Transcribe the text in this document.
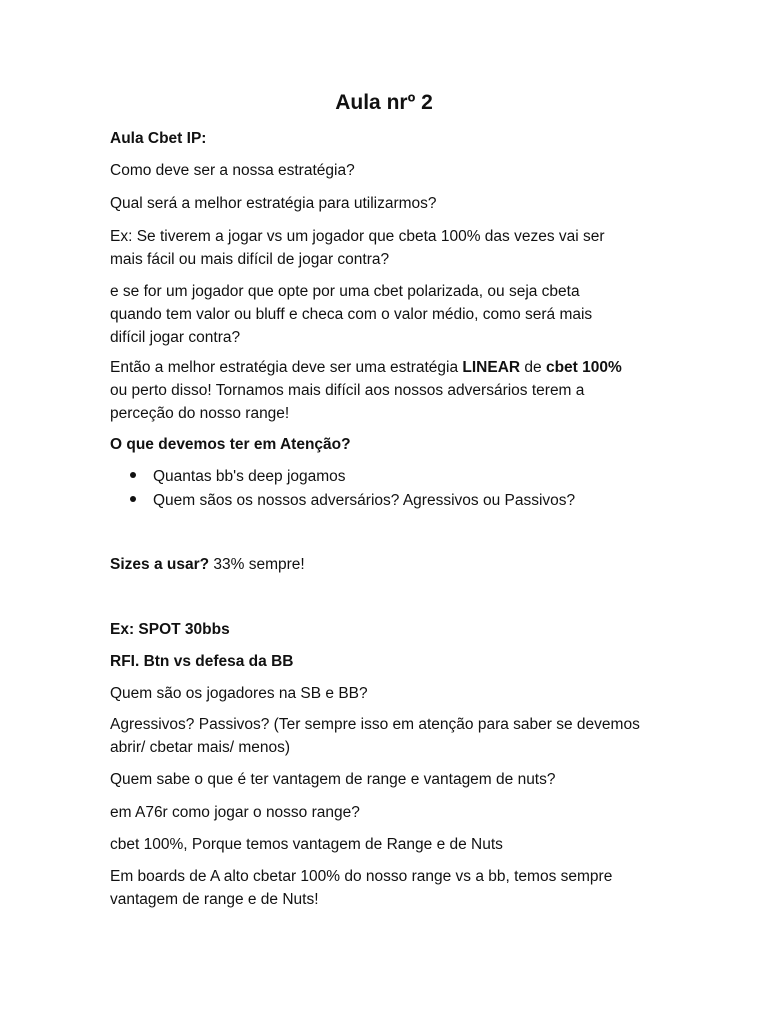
Aula nrº 2

Aula Cbet IP:

Como deve ser a nossa estratégia?

Qual será a melhor estratégia para utilizarmos?

Ex: Se tiverem a jogar vs um jogador que cbeta 100% das vezes vai ser

mais fácil ou mais difícil de jogar contra?

e se for um jogador que opte por uma cbet polarizada, ou seja cbeta

quando tem valor ou bluff e checa com o valor médio, como será mais

difícil jogar contra?

Então a melhor estratégia deve ser uma estratégia LINEAR de cbet 100%

ou perto disso! Tornamos mais difícil aos nossos adversários terem a

perceção do nosso range!

O que devemos ter em Atenção?

Quantas bb's deep jogamos
Quem sãos os nossos adversários? Agressivos ou Passivos?

Sizes a usar? 33% sempre!

Ex: SPOT 30bbs

RFI. Btn vs defesa da BB

Quem são os jogadores na SB e BB?

Agressivos? Passivos? (Ter sempre isso em atenção para saber se devemos

abrir/ cbetar mais/ menos)

Quem sabe o que é ter vantagem de range e vantagem de nuts?

em A76r como jogar o nosso range?

cbet 100%, Porque temos vantagem de Range e de Nuts

Em boards de A alto cbetar 100% do nosso range vs a bb, temos sempre

vantagem de range e de Nuts!
